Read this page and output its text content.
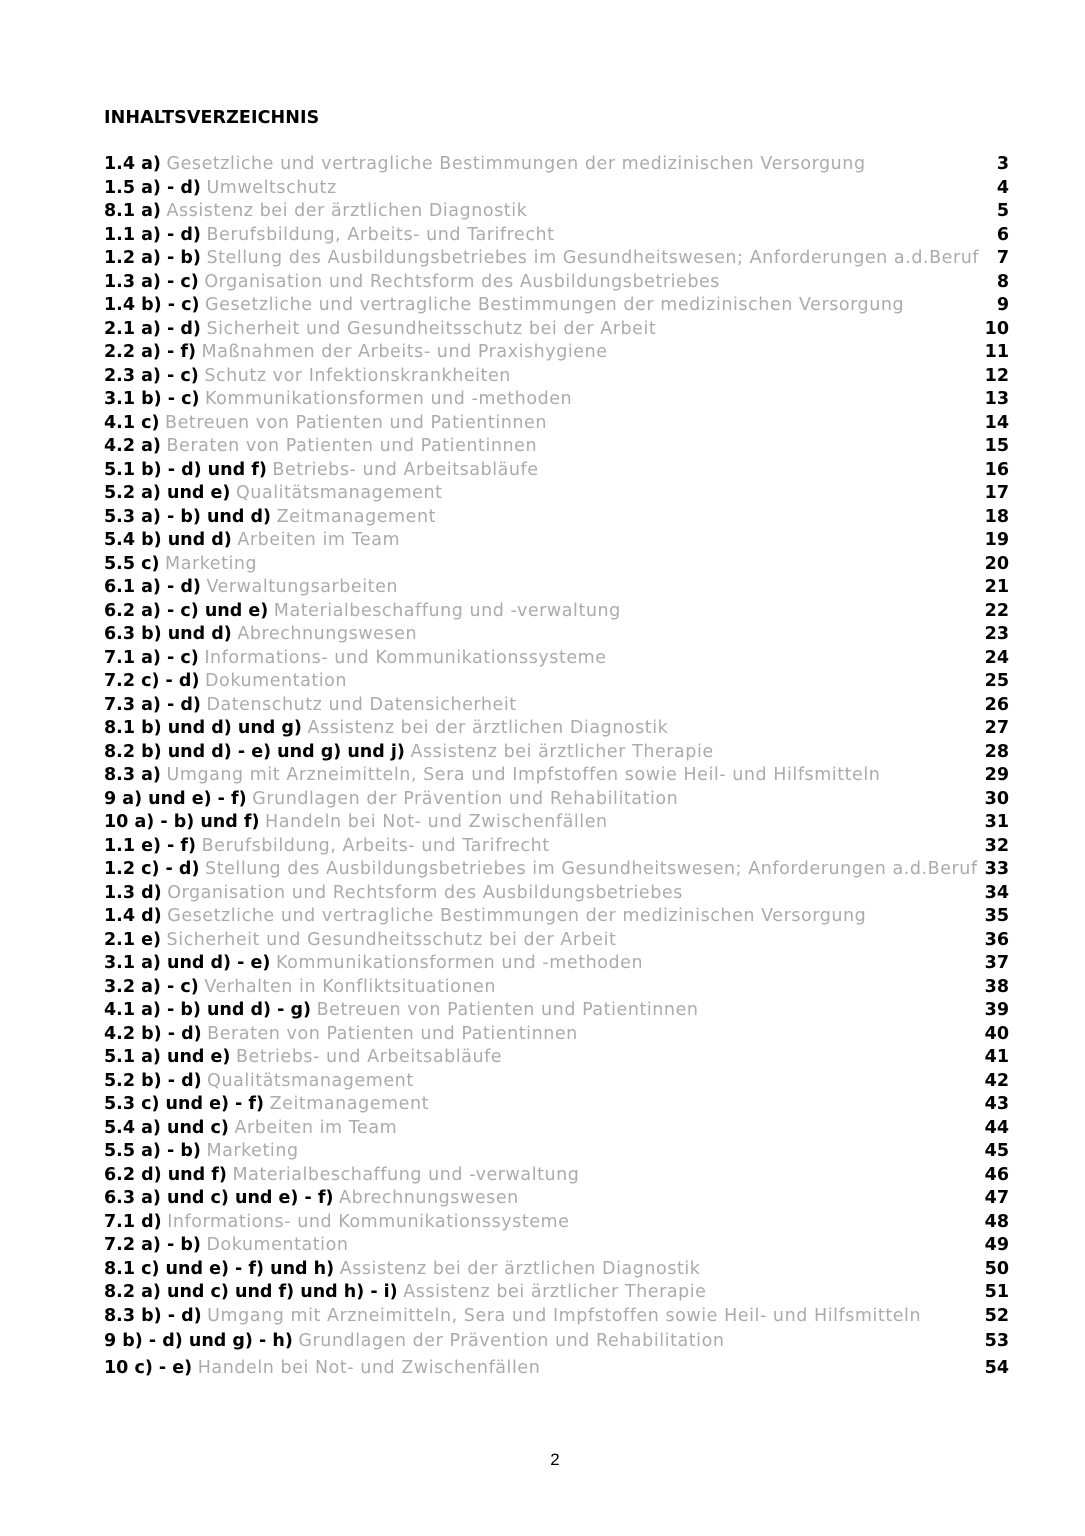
INHALTSVERZEICHNIS
1.4 a) Gesetzliche und vertragliche Bestimmungen der medizinischen Versorgung	3
1.5 a) - d) Umweltschutz	4
8.1 a) Assistenz bei der ärztlichen Diagnostik	5
1.1 a) - d) Berufsbildung, Arbeits- und Tarifrecht	6
1.2 a) - b) Stellung des Ausbildungsbetriebes im Gesundheitswesen; Anforderungen a.d.Beruf 7
1.3 a) - c) Organisation und Rechtsform des Ausbildungsbetriebes	8
1.4 b) - c) Gesetzliche und vertragliche Bestimmungen der medizinischen Versorgung	9
2.1 a) - d) Sicherheit und Gesundheitsschutz bei der Arbeit	10
2.2 a) - f) Maßnahmen der Arbeits- und Praxishygiene	11
2.3 a) - c) Schutz vor Infektionskrankheiten	12
3.1 b) - c) Kommunikationsformen und -methoden	13
4.1 c) Betreuen von Patienten und Patientinnen	14
4.2 a) Beraten von Patienten und Patientinnen	15
5.1 b) - d) und f) Betriebs- und Arbeitsabläufe	16
5.2 a) und e) Qualitätsmanagement	17
5.3 a) - b) und d) Zeitmanagement	18
5.4 b) und d) Arbeiten im Team	19
5.5 c) Marketing	20
6.1 a) - d) Verwaltungsarbeiten	21
6.2 a) - c) und e) Materialbeschaffung und -verwaltung	22
6.3 b) und d) Abrechnungswesen	23
7.1 a) - c) Informations- und Kommunikationssysteme	24
7.2 c) - d) Dokumentation	25
7.3 a) - d) Datenschutz und Datensicherheit	26
8.1 b) und d) und g) Assistenz bei der ärztlichen Diagnostik	27
8.2 b) und d) - e) und g) und j) Assistenz bei ärztlicher Therapie	28
8.3 a) Umgang mit Arzneimitteln, Sera und Impfstoffen sowie Heil- und Hilfsmitteln	29
9 a) und e) - f) Grundlagen der Prävention und Rehabilitation	30
10 a) - b) und f) Handeln bei Not- und Zwischenfällen	31
1.1 e) - f) Berufsbildung, Arbeits- und Tarifrecht	32
1.2 c) - d) Stellung des Ausbildungsbetriebes im Gesundheitswesen; Anforderungen a.d.Beruf 33
1.3 d) Organisation und Rechtsform des Ausbildungsbetriebes	34
1.4 d) Gesetzliche und vertragliche Bestimmungen der medizinischen Versorgung	35
2.1 e) Sicherheit und Gesundheitsschutz bei der Arbeit	36
3.1 a) und d) - e) Kommunikationsformen und -methoden	37
3.2 a) - c) Verhalten in Konfliktsituationen	38
4.1 a) - b) und d) - g) Betreuen von Patienten und Patientinnen	39
4.2 b) - d) Beraten von Patienten und Patientinnen	40
5.1 a) und e) Betriebs- und Arbeitsabläufe	41
5.2 b) - d) Qualitätsmanagement	42
5.3 c) und e) - f) Zeitmanagement	43
5.4 a) und c) Arbeiten im Team	44
5.5 a) - b) Marketing	45
6.2 d) und f) Materialbeschaffung und -verwaltung	46
6.3 a) und c) und e) - f) Abrechnungswesen	47
7.1 d) Informations- und Kommunikationssysteme	48
7.2 a) - b) Dokumentation	49
8.1 c) und e) - f) und h) Assistenz bei der ärztlichen Diagnostik	50
8.2 a) und c) und f) und h) - i) Assistenz bei ärztlicher Therapie	51
8.3 b) - d) Umgang mit Arzneimitteln, Sera und Impfstoffen sowie Heil- und Hilfsmitteln	52
9 b) - d) und g) - h) Grundlagen der Prävention und Rehabilitation	53
10 c) - e) Handeln bei Not- und Zwischenfällen	54
2
